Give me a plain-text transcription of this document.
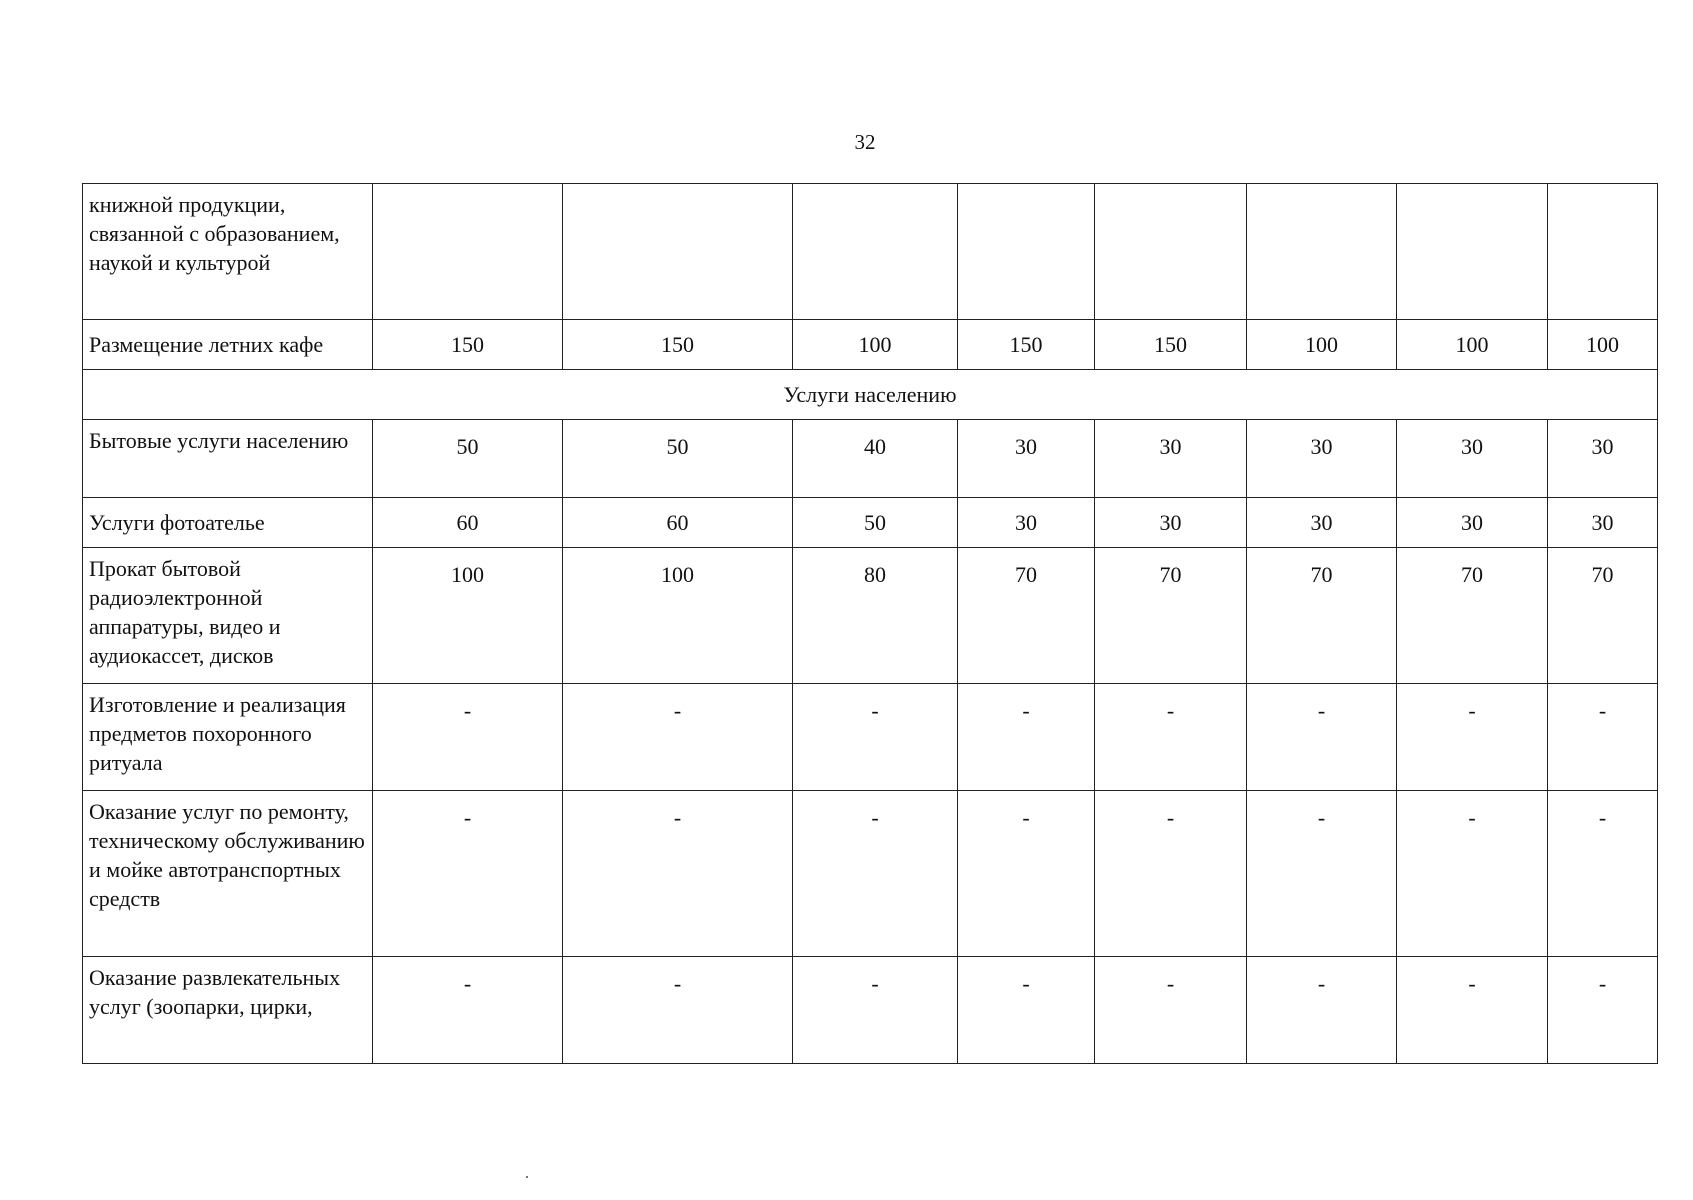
32
книжной продукции, связанной с образованием, наукой и культурой								
Размещение летних кафе	150	150	100	150	150	100	100	100
Услуги населению								
Бытовые услуги населению	50	50	40	30	30	30	30	30
Услуги фотоателье	60	60	50	30	30	30	30	30
Прокат бытовой радиоэлектронной аппаратуры, видео и аудиокассет, дисков	100	100	80	70	70	70	70	70
Изготовление и реализация предметов похоронного ритуала	-	-	-	-	-	-	-	-
Оказание услуг по ремонту, техническому обслуживанию и мойке автотранспортных средств	-	-	-	-	-	-	-	-
Оказание развлекательных услуг (зоопарки, цирки,	-	-	-	-	-	-	-	-
